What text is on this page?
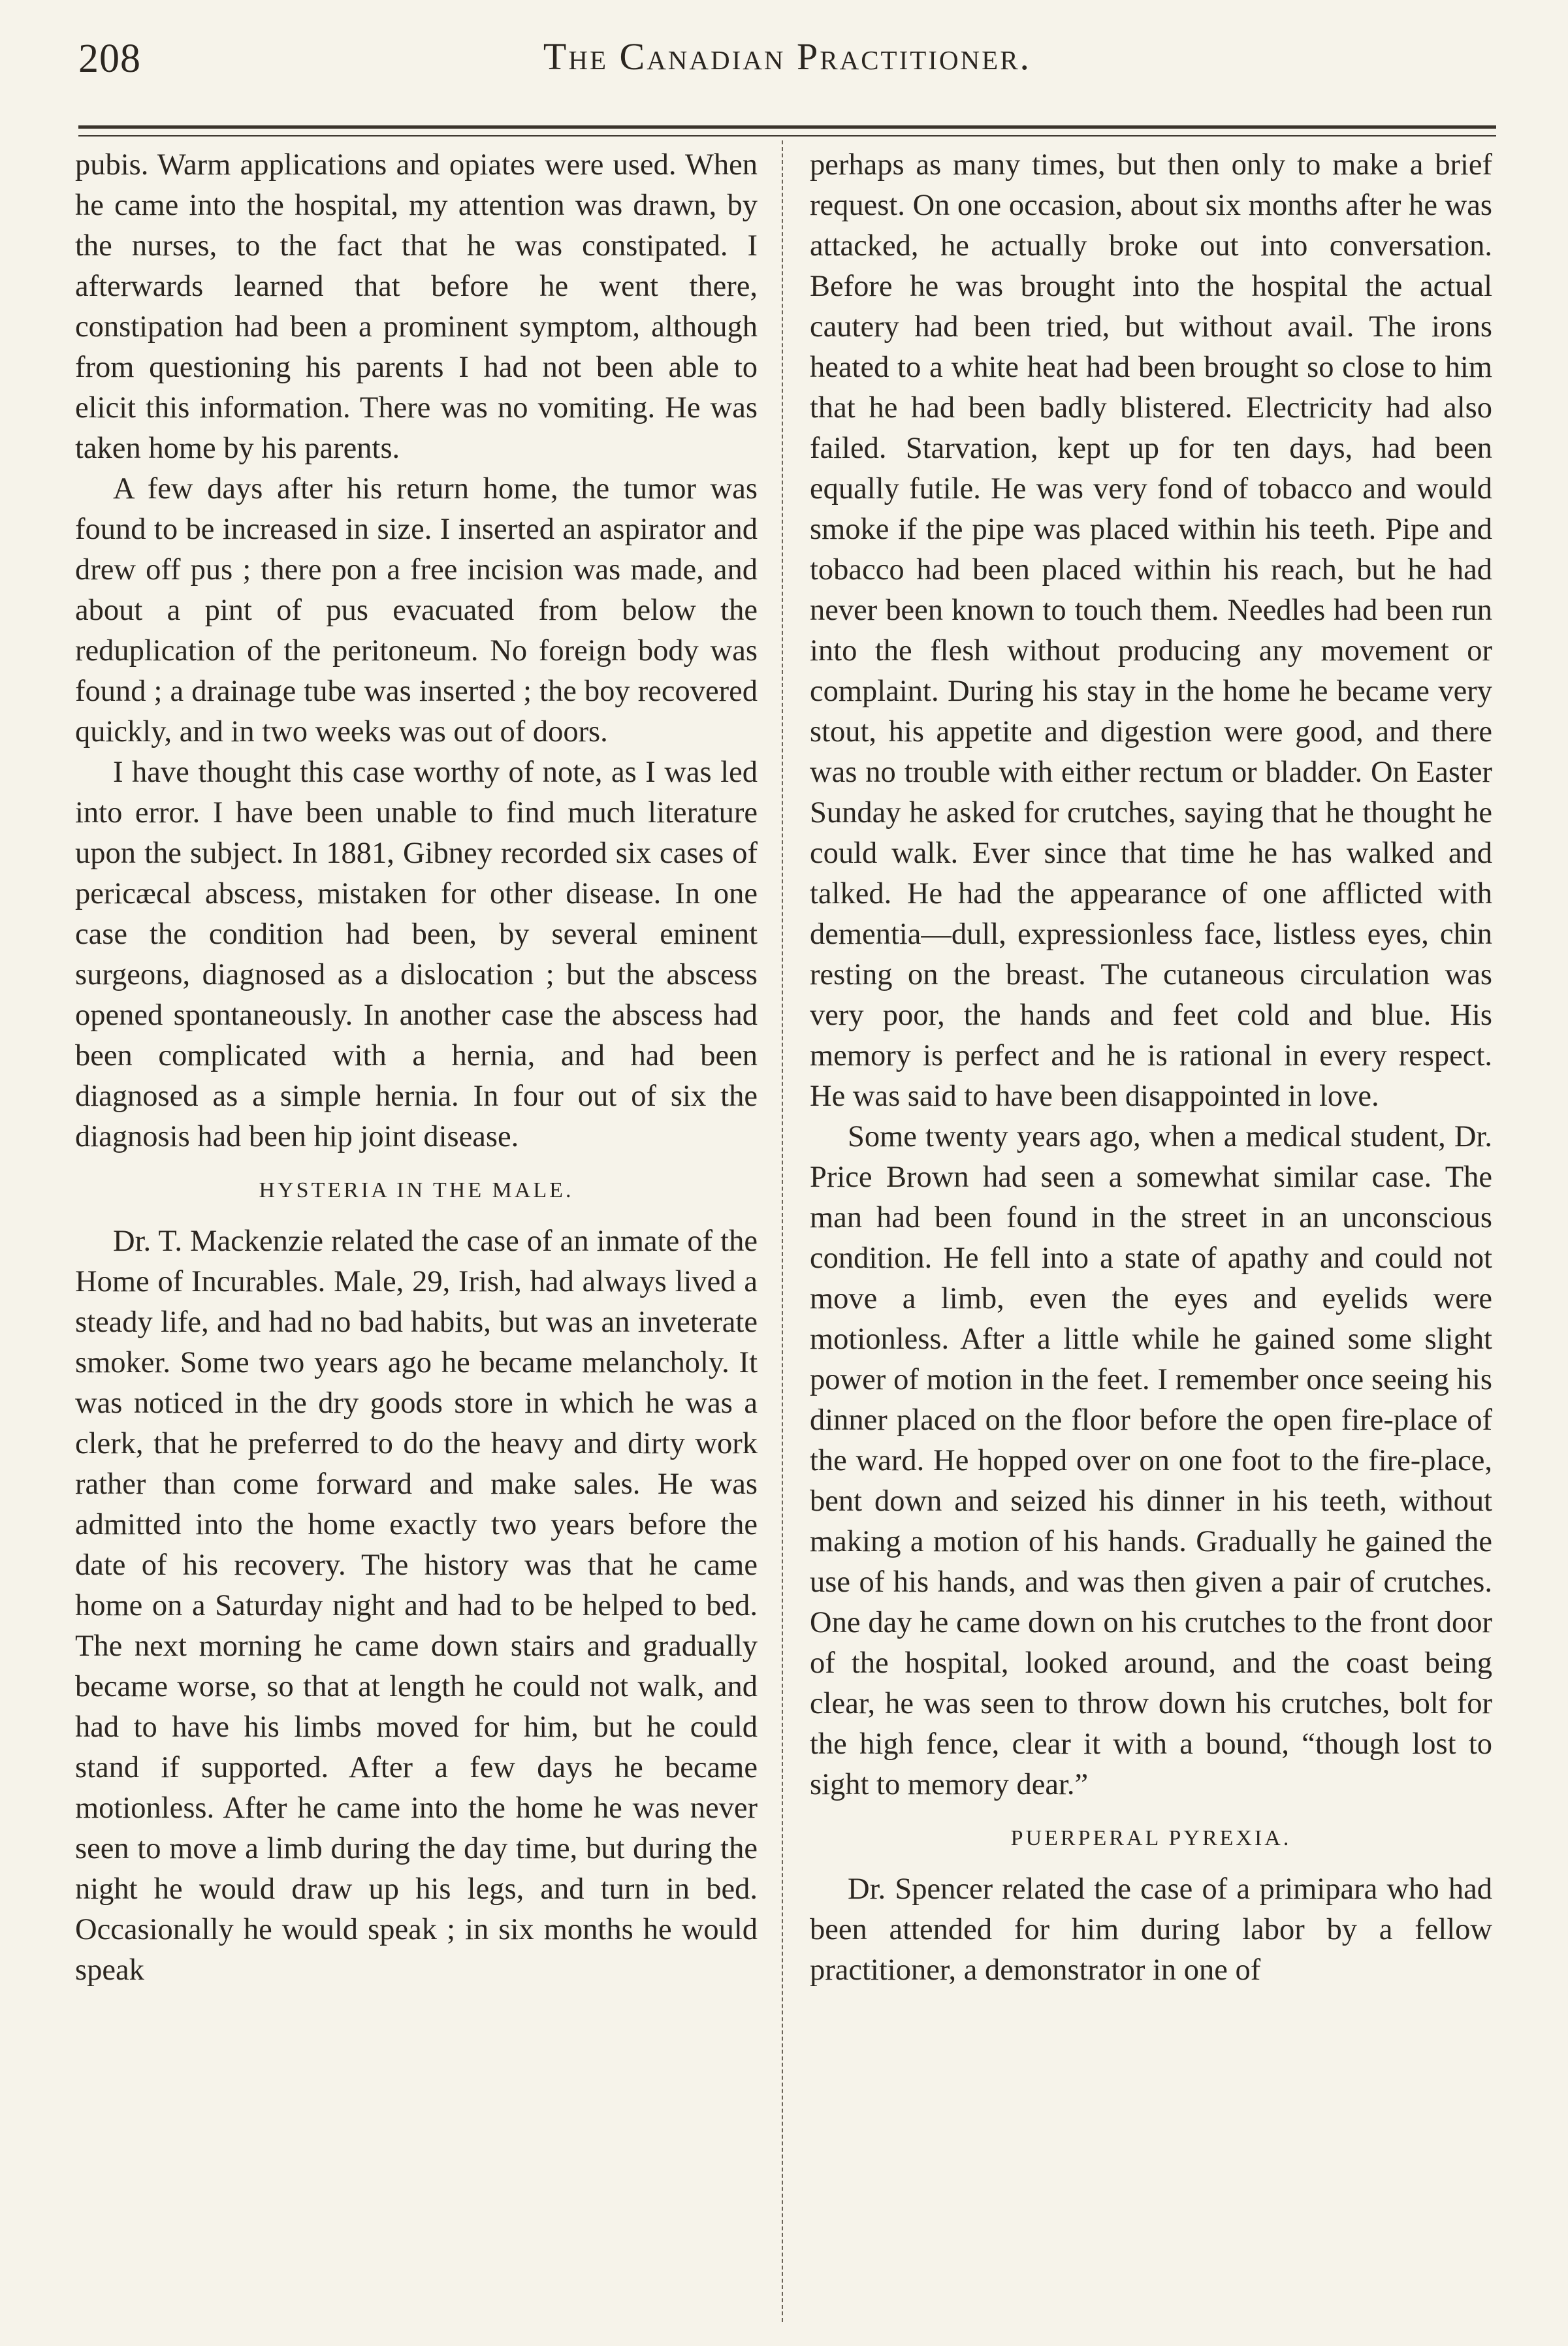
208	The Canadian Practitioner.

pubis. Warm applications and opiates were used. When he came into the hospital, my attention was drawn, by the nurses, to the fact that he was constipated. I afterwards learned that before he went there, constipation had been a prominent symptom, although from questioning his parents I had not been able to elicit this information. There was no vomiting. He was taken home by his parents.

A few days after his return home, the tumor was found to be increased in size. I inserted an aspirator and drew off pus ; there pon a free incision was made, and about a pint of pus evacuated from below the reduplication of the peritoneum. No foreign body was found ; a drainage tube was inserted ; the boy recovered quickly, and in two weeks was out of doors.

I have thought this case worthy of note, as I was led into error. I have been unable to find much literature upon the subject. In 1881, Gibney recorded six cases of pericæcal abscess, mistaken for other disease. In one case the condition had been, by several eminent surgeons, diagnosed as a dislocation ; but the abscess opened spontaneously. In another case the abscess had been complicated with a hernia, and had been diagnosed as a simple hernia. In four out of six the diagnosis had been hip joint disease.

HYSTERIA IN THE MALE.

Dr. T. Mackenzie related the case of an inmate of the Home of Incurables. Male, 29, Irish, had always lived a steady life, and had no bad habits, but was an inveterate smoker. Some two years ago he became melancholy. It was noticed in the dry goods store in which he was a clerk, that he preferred to do the heavy and dirty work rather than come forward and make sales. He was admitted into the home exactly two years before the date of his recovery. The history was that he came home on a Saturday night and had to be helped to bed. The next morning he came down stairs and gradually became worse, so that at length he could not walk, and had to have his limbs moved for him, but he could stand if supported. After a few days he became motionless. After he came into the home he was never seen to move a limb during the day time, but during the night he would draw up his legs, and turn in bed. Occasionally he would speak ; in six months he would speak

perhaps as many times, but then only to make a brief request. On one occasion, about six months after he was attacked, he actually broke out into conversation. Before he was brought into the hospital the actual cautery had been tried, but without avail. The irons heated to a white heat had been brought so close to him that he had been badly blistered. Electricity had also failed. Starvation, kept up for ten days, had been equally futile. He was very fond of tobacco and would smoke if the pipe was placed within his teeth. Pipe and tobacco had been placed within his reach, but he had never been known to touch them. Needles had been run into the flesh without producing any movement or complaint. During his stay in the home he became very stout, his appetite and digestion were good, and there was no trouble with either rectum or bladder. On Easter Sunday he asked for crutches, saying that he thought he could walk. Ever since that time he has walked and talked. He had the appearance of one afflicted with dementia—dull, expressionless face, listless eyes, chin resting on the breast. The cutaneous circulation was very poor, the hands and feet cold and blue. His memory is perfect and he is rational in every respect. He was said to have been disappointed in love.

Some twenty years ago, when a medical student, Dr. Price Brown had seen a somewhat similar case. The man had been found in the street in an unconscious condition. He fell into a state of apathy and could not move a limb, even the eyes and eyelids were motionless. After a little while he gained some slight power of motion in the feet. I remember once seeing his dinner placed on the floor before the open fire-place of the ward. He hopped over on one foot to the fire-place, bent down and seized his dinner in his teeth, without making a motion of his hands. Gradually he gained the use of his hands, and was then given a pair of crutches. One day he came down on his crutches to the front door of the hospital, looked around, and the coast being clear, he was seen to throw down his crutches, bolt for the high fence, clear it with a bound, “though lost to sight to memory dear.”

PUERPERAL PYREXIA.

Dr. Spencer related the case of a primipara who had been attended for him during labor by a fellow practitioner, a demonstrator in one of
